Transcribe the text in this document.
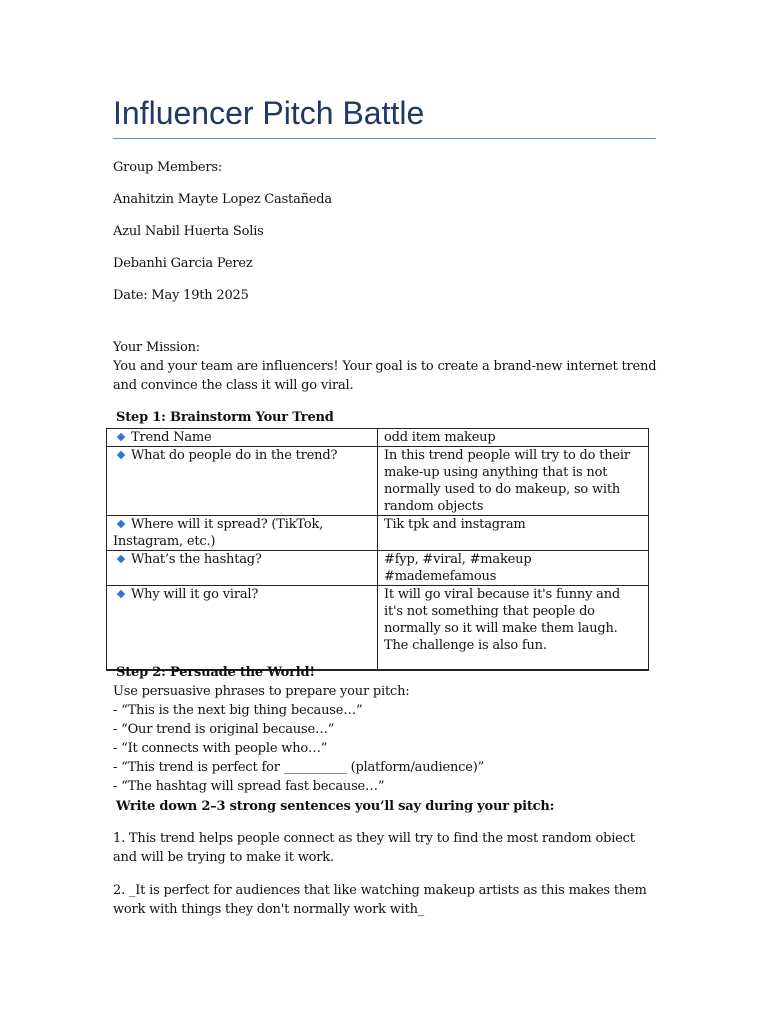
Influencer Pitch Battle
Group Members:
Anahitzin Mayte Lopez Castañeda
Azul Nabil Huerta Solis
Debanhi Garcia Perez
Date: May 19th 2025
Your Mission:
You and your team are influencers! Your goal is to create a brand-new internet trend and convince the class it will go viral.
Step 1: Brainstorm Your Trend
Trend Name	odd item makeup
What do people do in the trend?	In this trend people will try to do their make-up using anything that is not normally used to do makeup, so with random objects
Where will it spread? (TikTok, Instagram, etc.)	Tik tpk and instagram
What’s the hashtag?	#fyp, #viral, #makeup #mademefamous
Why will it go viral?	It will go viral because it's funny and it's not something that people do normally so it will make them laugh. The challenge is also fun.
Step 2: Persuade the World!
Use persuasive phrases to prepare your pitch:
- “This is the next big thing because…”
- “Our trend is original because…”
- “It connects with people who…”
- “This trend is perfect for __________ (platform/audience)”
- “The hashtag will spread fast because…”
Write down 2–3 strong sentences you’ll say during your pitch:
1. This trend helps people connect as they will try to find the most random obiect and will be trying to make it work.
2. _It is perfect for audiences that like watching makeup artists as this makes them work with things they don't normally work with_
